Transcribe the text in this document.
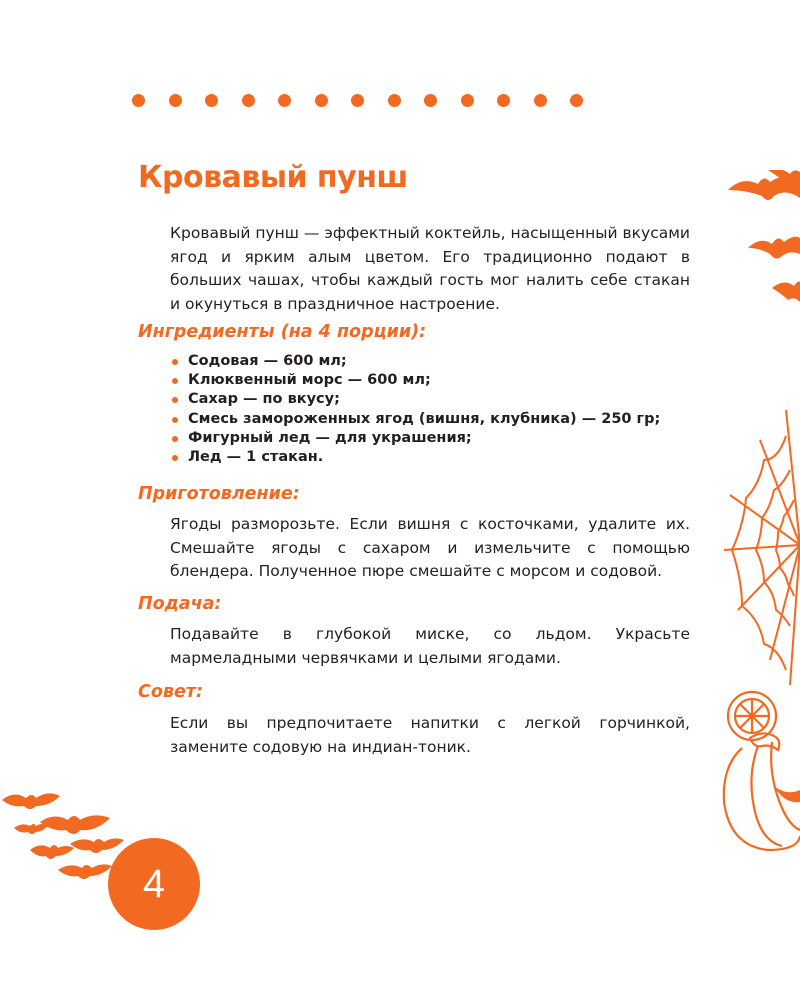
Кровавый пунш

Кровавый пунш — эффектный коктейль, насыщенный вкусами ягод и ярким алым цветом. Его традиционно подают в больших чашах, чтобы каждый гость мог налить себе стакан и окунуться в праздничное настроение.

Ингредиенты (на 4 порции):
Содовая — 600 мл;
Клюквенный морс — 600 мл;
Сахар — по вкусу;
Смесь замороженных ягод (вишня, клубника) — 250 гр;
Фигурный лед — для украшения;
Лед — 1 стакан.
Приготовление:

Ягоды разморозьте. Если вишня с косточками, удалите их. Смешайте ягоды с сахаром и измельчите с помощью блендера. Полученное пюре смешайте с морсом и содовой.

Подача:

Подавайте в глубокой миске, со льдом. Украсьте мармеладными червячками и целыми ягодами.

Совет:

Если вы предпочитаете напитки с легкой горчинкой, замените содовую на индиан-тоник.

4
